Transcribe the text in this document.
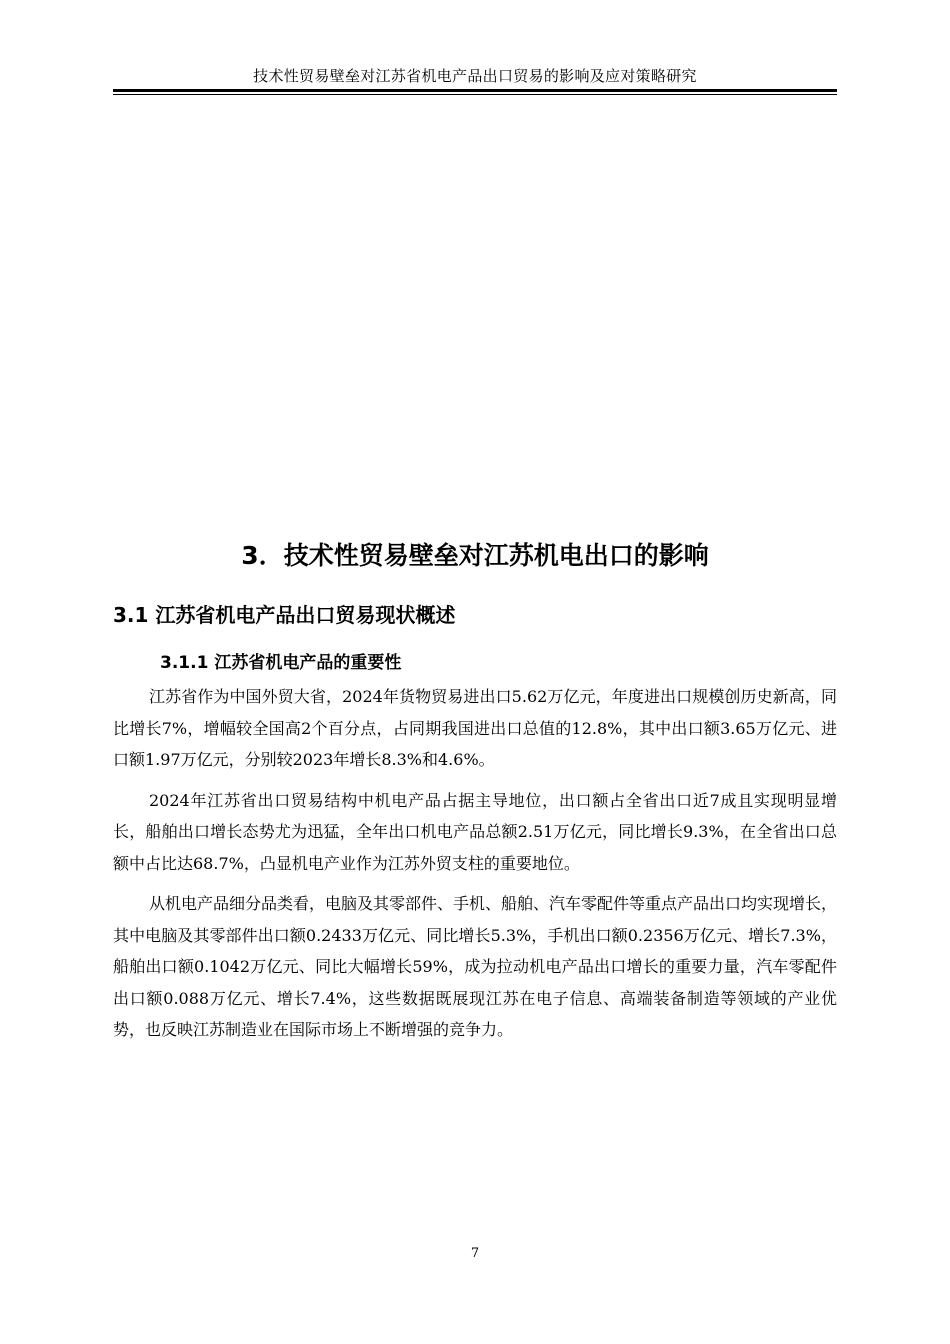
技术性贸易壁垒对江苏省机电产品出口贸易的影响及应对策略研究
3．技术性贸易壁垒对江苏机电出口的影响
3.1 江苏省机电产品出口贸易现状概述
3.1.1 江苏省机电产品的重要性

江苏省作为中国外贸大省，2024年货物贸易进出口5.62万亿元，年度进出口规模创历史新高，同比增长7%，增幅较全国高2个百分点，占同期我国进出口总值的12.8%，其中出口额3.65万亿元、进口额1.97万亿元，分别较2023年增长8.3%和4.6%。

2024年江苏省出口贸易结构中机电产品占据主导地位，出口额占全省出口近7成且实现明显增长，船舶出口增长态势尤为迅猛，全年出口机电产品总额2.51万亿元，同比增长9.3%，在全省出口总额中占比达68.7%，凸显机电产业作为江苏外贸支柱的重要地位。

从机电产品细分品类看，电脑及其零部件、手机、船舶、汽车零配件等重点产品出口均实现增长，其中电脑及其零部件出口额0.2433万亿元、同比增长5.3%，手机出口额0.2356万亿元、增长7.3%，船舶出口额0.1042万亿元、同比大幅增长59%，成为拉动机电产品出口增长的重要力量，汽车零配件出口额0.088万亿元、增长7.4%，这些数据既展现江苏在电子信息、高端装备制造等领域的产业优势，也反映江苏制造业在国际市场上不断增强的竞争力。

7
